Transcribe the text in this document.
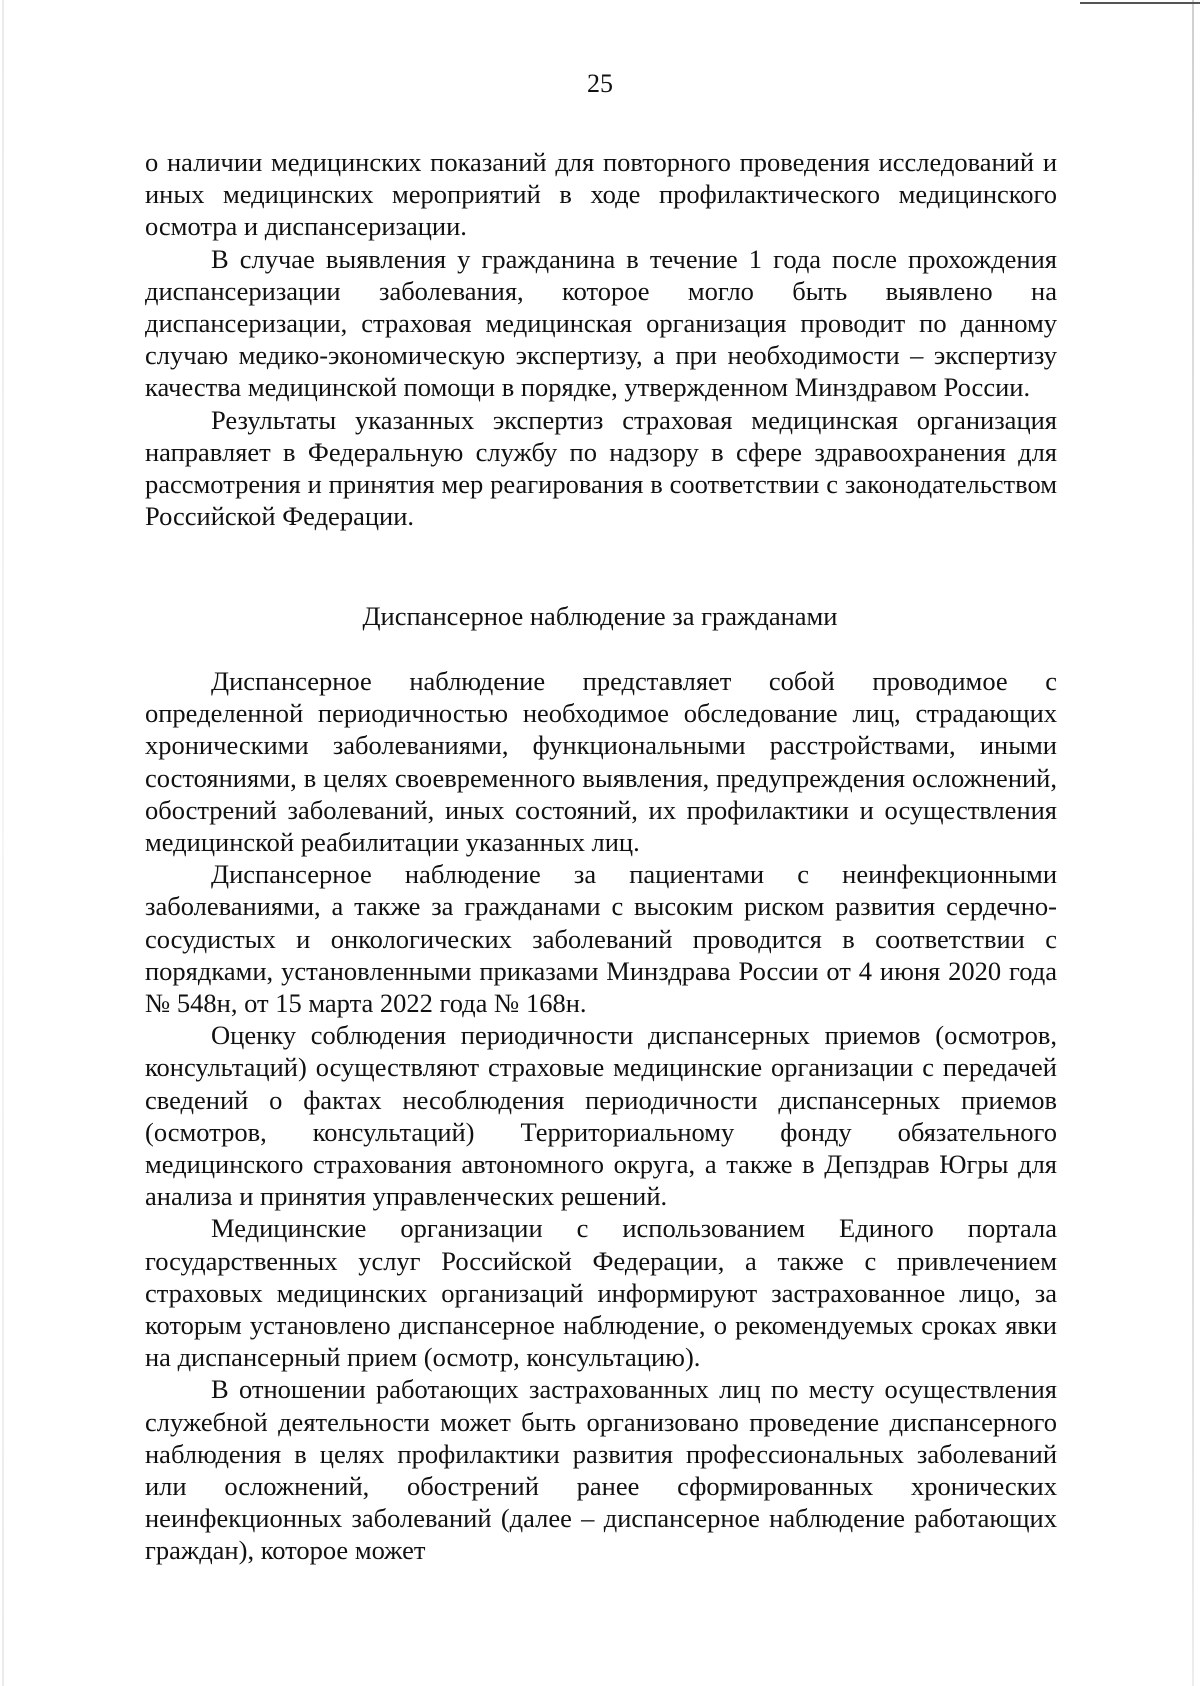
25

о наличии медицинских показаний для повторного проведения исследований и иных медицинских мероприятий в ходе профилактического медицинского осмотра и диспансеризации.

В случае выявления у гражданина в течение 1 года после прохождения диспансеризации заболевания, которое могло быть выявлено на диспансеризации, страховая медицинская организация проводит по данному случаю медико-экономическую экспертизу, а при необходимости – экспертизу качества медицинской помощи в порядке, утвержденном Минздравом России.

Результаты указанных экспертиз страховая медицинская организация направляет в Федеральную службу по надзору в сфере здравоохранения для рассмотрения и принятия мер реагирования в соответствии с законодательством Российской Федерации.

Диспансерное наблюдение за гражданами

Диспансерное наблюдение представляет собой проводимое с определенной периодичностью необходимое обследование лиц, страдающих хроническими заболеваниями, функциональными расстройствами, иными состояниями, в целях своевременного выявления, предупреждения осложнений, обострений заболеваний, иных состояний, их профилактики и осуществления медицинской реабилитации указанных лиц.

Диспансерное наблюдение за пациентами с неинфекционными заболеваниями, а также за гражданами с высоким риском развития сердечно-сосудистых и онкологических заболеваний проводится в соответствии с порядками, установленными приказами Минздрава России от 4 июня 2020 года № 548н, от 15 марта 2022 года № 168н.

Оценку соблюдения периодичности диспансерных приемов (осмотров, консультаций) осуществляют страховые медицинские организации с передачей сведений о фактах несоблюдения периодичности диспансерных приемов (осмотров, консультаций) Территориальному фонду обязательного медицинского страхования автономного округа, а также в Депздрав Югры для анализа и принятия управленческих решений.

Медицинские организации с использованием Единого портала государственных услуг Российской Федерации, а также с привлечением страховых медицинских организаций информируют застрахованное лицо, за которым установлено диспансерное наблюдение, о рекомендуемых сроках явки на диспансерный прием (осмотр, консультацию).

В отношении работающих застрахованных лиц по месту осуществления служебной деятельности может быть организовано проведение диспансерного наблюдения в целях профилактики развития профессиональных заболеваний или осложнений, обострений ранее сформированных хронических неинфекционных заболеваний (далее – диспансерное наблюдение работающих граждан), которое может
